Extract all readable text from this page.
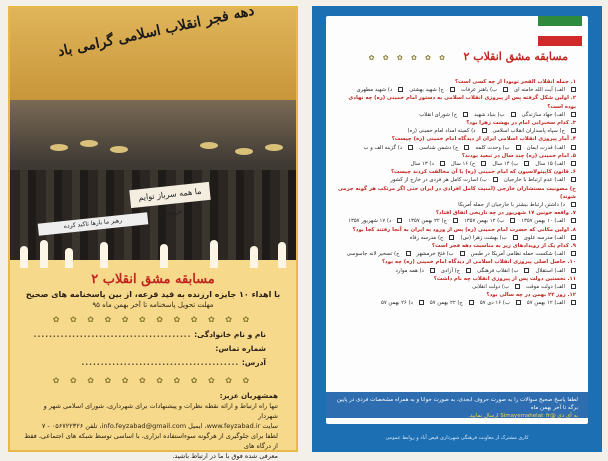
دهه فجر انقلاب اسلامی گرامی باد
ما همه سرباز توایم خمینی
رهبر ما بارها تاکید کرده
مسابقه مشق انقلاب ۲
با اهداء ۱۰ جایزه ارزنده به قید قرعه، از بین پاسخنامه های صحیح
مهلت تحویل پاسخنامه تا آخر بهمن ماه ۹۵
✿ ✿ ✿ ✿ ✿ ✿ ✿ ✿ ✿ ✿ ✿ ✿
نام و نام خانوادگی: ......................................... شماره تماس:
آدرس: .........................................
✿ ✿ ✿ ✿ ✿ ✿ ✿ ✿ ✿ ✿ ✿ ✿
همشهریان عزیز:
تنها راه ارتباط و ارائه نقطه نظرات و پیشنهادات برای شهرداری، شورای اسلامی شهر و شهردار
سایت www.feyzabad.ir، ایمیل info.feyzabad@gmail.com، تلفن ۰۵۶۷۲۲۳۲۶ - ۷
لطفا برای جلوگیری از هرگونه سوءاستفاده ابزاری، با اساسی توسط شبکه های اجتماعی، فقط از درگاه های
معرفی شده فوق با ما در ارتباط باشید.
مسابقه مشق انقلاب ۲
✿ ✿ ✿ ✿ ✿ ✿
۱. جمله انقلاب الفجر نوبودا از چه کسی است؟
الف) آیت الله خامنه ایب) باهنر عرفاتج) شهید بهشتید) شهید مطهری
۲. اولین شکل گرفته پس از پیروزی انقلاب اسلامی به دستور امام خمینی (ره) چه نهادی بوده است؟
الف) جهاد سازندگیب) بنیاد شهیدج) شورای انقلاب
۳. کدام سخنرانی امام در بهشت زهرا بود؟
ج) سپاه پاسداران انقلاب اسلامید) کمیته امداد امام خمینی (ره)
۴. آمار پیروزی انقلاب اسلامی ایران از دیدگاه امام خمینی (ره) چیست؟
الف) قدرت ایمانب) وحدت کلمهج) دشمن شناسید) گزینه الف و ب
۵. امام خمینی (ره) چند سال در تبعید بودند؟
الف) ۱۵ سالب) ۱۴ سالج) ۱۶ سالد) ۱۳ سال
۶. قانون کاپیتولاسیون که امام خمینی (ره) با آن مخالفت کردند چیست؟
الف) عدم ارتباط با خارجیانب) اسارت کامل هر فردی در خارج از کشور
ج) مصونیت مستشاران خارجی (امنیت کامل افرادی در ایران حتی اگر مرتکب هر گونه جرمی شوند)
د) داشتن ارتباط بیشتر با خارجیان از جمله آمریکا
۷. واقعه خونین ۱۷ شهریور در چه تاریخی اتفاق افتاد؟
الف) ۱۰ بهمن ۱۳۵۷ب) ۱۲ بهمن ۱۳۵۷ج) ۲۲ بهمن ۱۳۵۷د) ۱۷ شهریور ۱۳۵۷
۸. اولین مکانی که حضرت امام خمینی (ره) پس از ورود به ایران به آنجا رفتند کجا بود؟
الف) مدرسه علویب) بهشت زهرا (س)ج) مدرسه رفاه
۹. کدام یک از رویدادهای زیر به مناسبت دهه فجر است؟
الف) شکست حمله نظامی آمریکا در طبسب) فتح خرمشهرج) تسخیر لانه جاسوسی
۱۰. حاصل اصلی پیروزی انقلاب اسلامی از دیدگاه امام خمینی (ره) چه بود؟
الف) استقلالب) انقلاب فرهنگیج) آزادید) همه موارد
۱۱. نخستین دولت پس از پیروزی انقلاب چه نام داشت؟
الف) دولت موقتب) دولت انقلابی
۱۲. روز ۲۲ بهمن در چه سالی بود؟
الف) ۱۲ بهمن ۵۷ب) ۱۶ دی ۵۷ج) ۲۲ بهمن ۵۷د) ۲۶ بهمن ۵۷
لطفا پاسخ صحیح سوالات را به صورت حروف ابجدی، به صورت خوانا و به همراه مشخصات فردی در پایین برگه تا آخر بهمن ماه
به آی دی @Simayemahelat_fr ارسال نمایید.
کاری مشترک از معاونت فرهنگی شهرداری فیض آباد و روابط عمومی
